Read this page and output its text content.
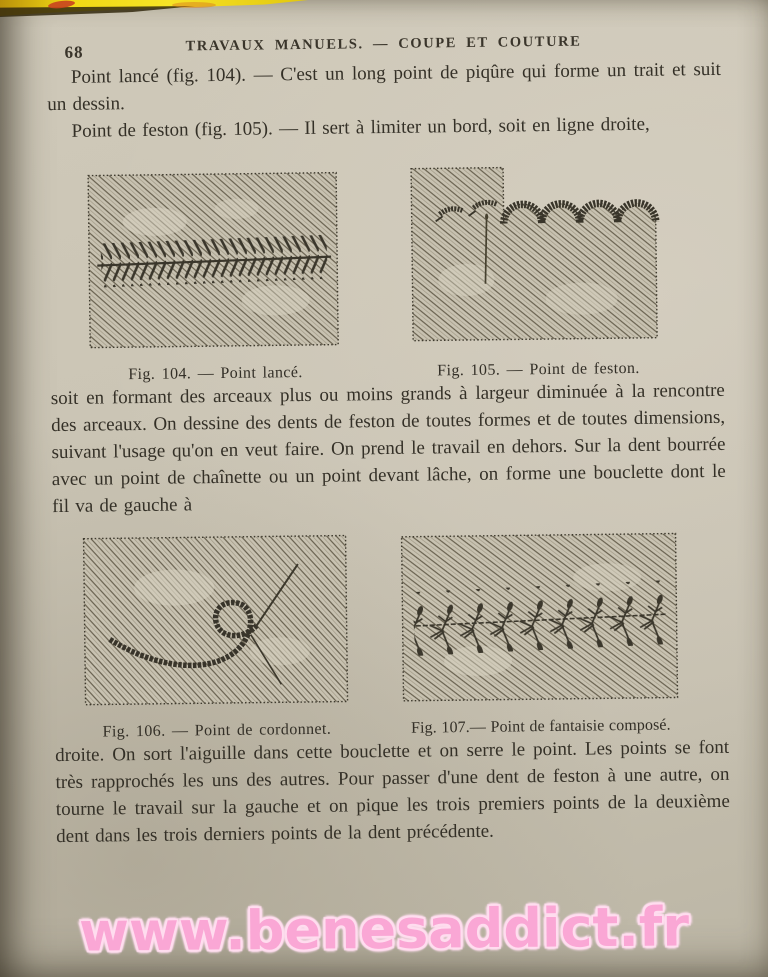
68	TRAVAUX MANUELS. — COUPE ET COUTURE

Point lancé (fig. 104). — C'est un long point de piqûre qui forme un trait et suit un dessin.

Point de feston (fig. 105). — Il sert à limiter un bord, soit en ligne droite,

Fig. 104. — Point lancé.	Fig. 105. — Point de feston.

soit en formant des arceaux plus ou moins grands à largeur diminuée à la rencontre des arceaux. On dessine des dents de feston de toutes formes et de toutes dimensions, suivant l'usage qu'on en veut faire. On prend le travail en dehors. Sur la dent bourrée avec un point de chaînette ou un point devant lâche, on forme une bouclette dont le fil va de gauche à

Fig. 106. — Point de cordonnet.	Fig. 107.— Point de fantaisie composé.

droite. On sort l'aiguille dans cette bouclette et on serre le point. Les points se font très rapprochés les uns des autres. Pour passer d'une dent de feston à une autre, on tourne le travail sur la gauche et on pique les trois premiers points de la deuxième dent dans les trois derniers points de la dent précédente.

www.benesaddict.fr
